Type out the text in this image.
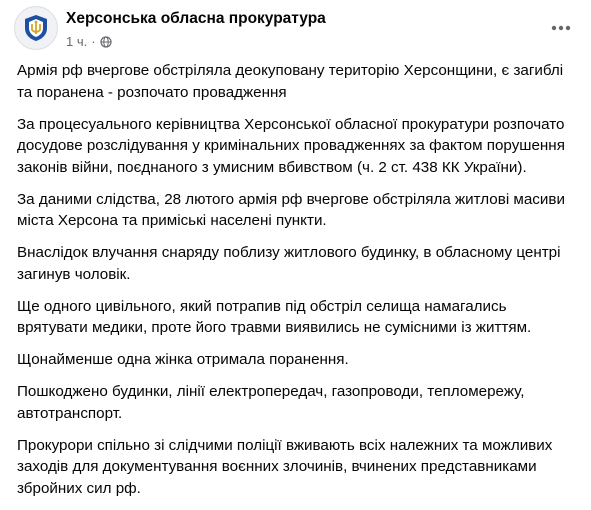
Херсонська обласна прокуратура
1 ч. ·

Армія рф вчергове обстріляла деокуповану територію Херсонщини, є загиблі та поранена - розпочато провадження

За процесуального керівництва Херсонської обласної прокуратури розпочато досудове розслідування у кримінальних провадженнях за фактом порушення законів війни, поєднаного з умисним вбивством (ч. 2 ст. 438 КК України).

За даними слідства, 28 лютого армія рф вчергове обстріляла житлові масиви міста Херсона та приміські населені пункти.

Внаслідок влучання снаряду поблизу житлового будинку, в обласному центрі загинув чоловік.

Ще одного цивільного, який потрапив під обстріл селища намагались врятувати медики, проте його травми виявились не сумісними із життям.

Щонайменше одна жінка отримала поранення.

Пошкоджено будинки, лінії електропередач, газопроводи, тепломережу, автотранспорт.

Прокурори спільно зі слідчими поліції вживають всіх належних та можливих заходів для документування воєнних злочинів, вчинених представниками збройних сил рф.
